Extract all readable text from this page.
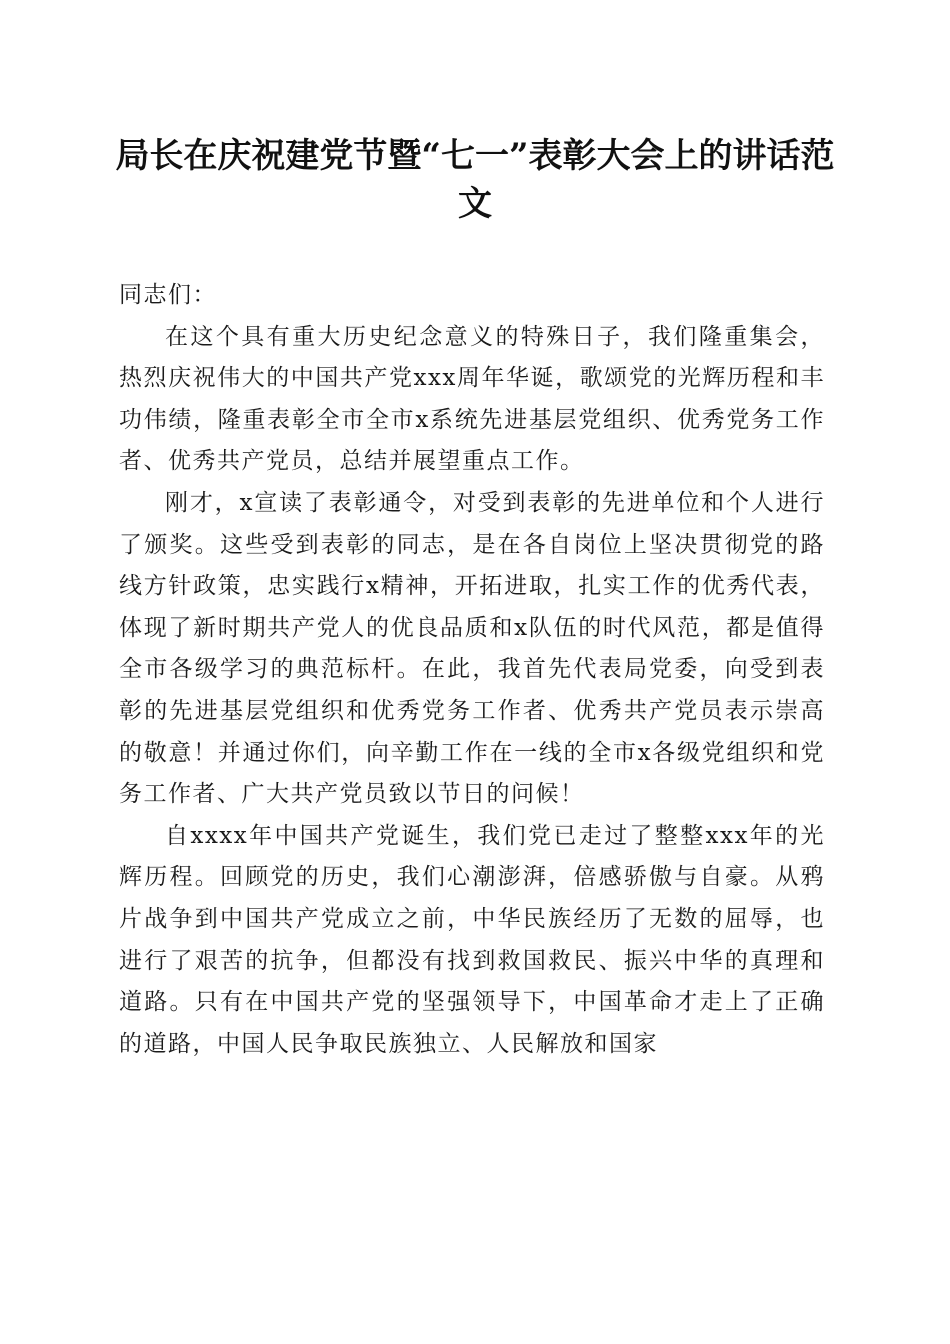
局长在庆祝建党节暨“七一”表彰大会上的讲话范文

同志们：

在这个具有重大历史纪念意义的特殊日子，我们隆重集会，热烈庆祝伟大的中国共产党xxx周年华诞，歌颂党的光辉历程和丰功伟绩，隆重表彰全市全市x系统先进基层党组织、优秀党务工作者、优秀共产党员，总结并展望重点工作。

刚才，x宣读了表彰通令，对受到表彰的先进单位和个人进行了颁奖。这些受到表彰的同志，是在各自岗位上坚决贯彻党的路线方针政策，忠实践行x精神，开拓进取，扎实工作的优秀代表，体现了新时期共产党人的优良品质和x队伍的时代风范，都是值得全市各级学习的典范标杆。在此，我首先代表局党委，向受到表彰的先进基层党组织和优秀党务工作者、优秀共产党员表示崇高的敬意！并通过你们，向辛勤工作在一线的全市x各级党组织和党务工作者、广大共产党员致以节日的问候！

自xxxx年中国共产党诞生，我们党已走过了整整xxx年的光辉历程。回顾党的历史，我们心潮澎湃，倍感骄傲与自豪。从鸦片战争到中国共产党成立之前，中华民族经历了无数的屈辱，也进行了艰苦的抗争，但都没有找到救国救民、振兴中华的真理和道路。只有在中国共产党的坚强领导下，中国革命才走上了正确的道路，中国人民争取民族独立、人民解放和国家
